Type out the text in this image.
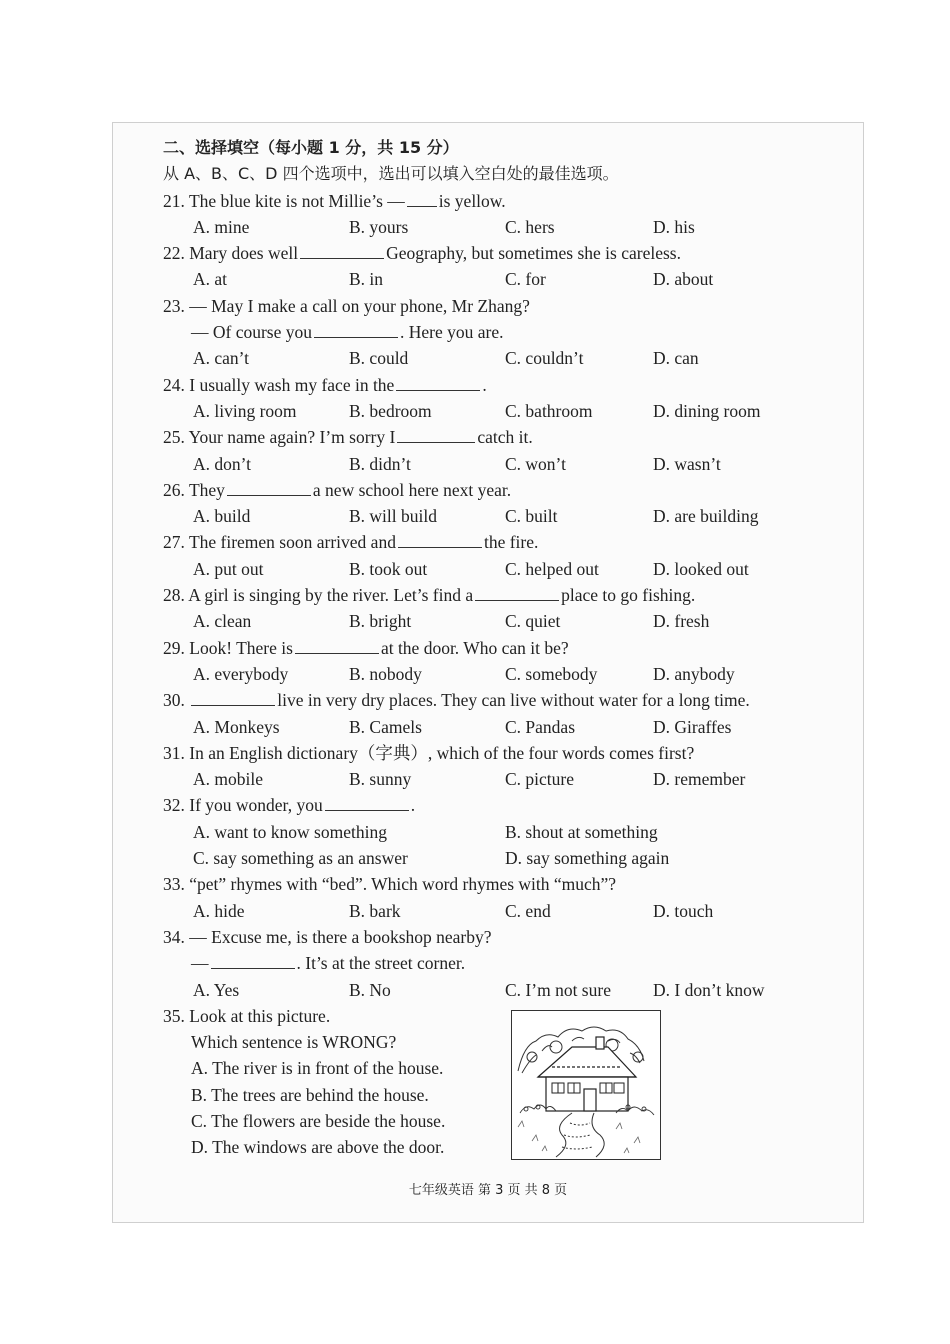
二、选择填空（每小题 1 分，共 15 分）
从 A、B、C、D 四个选项中，选出可以填入空白处的最佳选项。
21. The blue kite is not Millie’s — is yellow.
A. mine	B. yours	C. hers	D. his
22. Mary does well	Geography, but sometimes she is careless.
A. at	B. in	C. for	D. about
23. — May I make a call on your phone, Mr Zhang?
— Of course you	. Here you are.
A. can’t	B. could	C. couldn’t	D. can
24. I usually wash my face in the	.
A. living room	B. bedroom	C. bathroom	D. dining room
25. Your name again? I’m sorry I	catch it.
A. don’t	B. didn’t	C. won’t	D. wasn’t
26. They	a new school here next year.
A. build	B. will build	C. built	D. are building
27. The firemen soon arrived and	the fire.
A. put out	B. took out	C. helped out	D. looked out
28. A girl is singing by the river. Let’s find a	place to go fishing.
A. clean	B. bright	C. quiet	D. fresh
29. Look! There is	at the door. Who can it be?
A. everybody	B. nobody	C. somebody	D. anybody
30.	live in very dry places. They can live without water for a long time.
A. Monkeys	B. Camels	C. Pandas	D. Giraffes
31. In an English dictionary（字典）, which of the four words comes first?
A. mobile	B. sunny	C. picture	D. remember
32. If you wonder, you	.
A. want to know something	B. shout at something
C. say something as an answer	D. say something again
33. “pet” rhymes with “bed”. Which word rhymes with “much”?
A. hide	B. bark	C. end	D. touch
34. — Excuse me, is there a bookshop nearby?
—	. It’s at the street corner.
A. Yes	B. No	C. I’m not sure D. I don’t know
35. Look at this picture.
Which sentence is WRONG?
A. The river is in front of the house.
B. The trees are behind the house.
C. The flowers are beside the house.
D. The windows are above the door.
七年级英语 第 3 页 共 8 页
